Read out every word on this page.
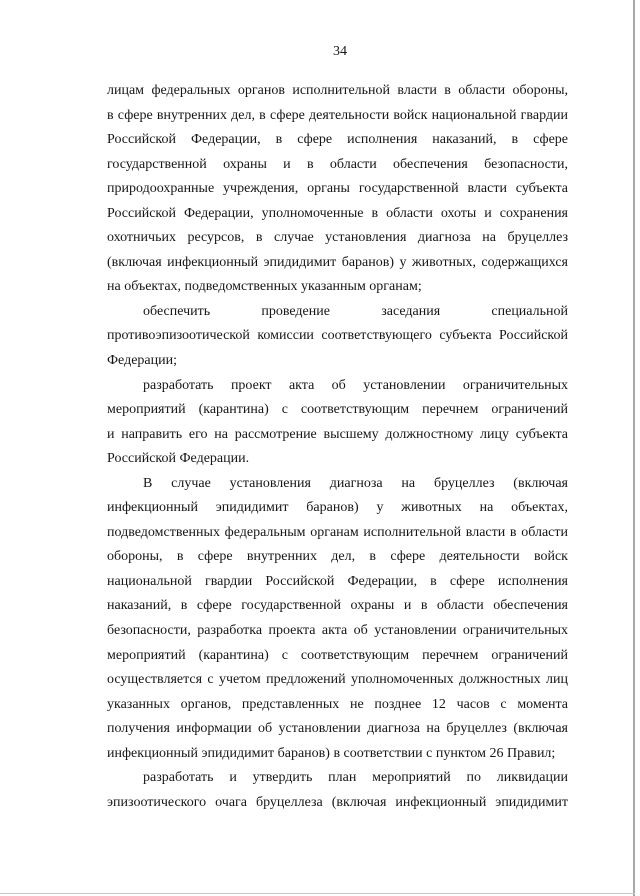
34
лицам федеральных органов исполнительной власти в области обороны,
в сфере внутренних дел, в сфере деятельности войск национальной гвардии
Российской Федерации, в сфере исполнения наказаний, в сфере
государственной охраны и в области обеспечения безопасности,
природоохранные учреждения, органы государственной власти субъекта
Российской Федерации, уполномоченные в области охоты и сохранения
охотничьих ресурсов, в случае установления диагноза на бруцеллез
(включая инфекционный эпидидимит баранов) у животных, содержащихся
на объектах, подведомственных указанным органам;
обеспечить проведение заседания специальной
противоэпизоотической комиссии соответствующего субъекта Российской
Федерации;
разработать проект акта об установлении ограничительных
мероприятий (карантина) с соответствующим перечнем ограничений
и направить его на рассмотрение высшему должностному лицу субъекта
Российской Федерации.
В случае установления диагноза на бруцеллез (включая
инфекционный эпидидимит баранов) у животных на объектах,
подведомственных федеральным органам исполнительной власти в области
обороны, в сфере внутренних дел, в сфере деятельности войск
национальной гвардии Российской Федерации, в сфере исполнения
наказаний, в сфере государственной охраны и в области обеспечения
безопасности, разработка проекта акта об установлении ограничительных
мероприятий (карантина) с соответствующим перечнем ограничений
осуществляется с учетом предложений уполномоченных должностных лиц
указанных органов, представленных не позднее 12 часов с момента
получения информации об установлении диагноза на бруцеллез (включая
инфекционный эпидидимит баранов) в соответствии с пунктом 26 Правил;
разработать и утвердить план мероприятий по ликвидации
эпизоотического очага бруцеллеза (включая инфекционный эпидидимит
